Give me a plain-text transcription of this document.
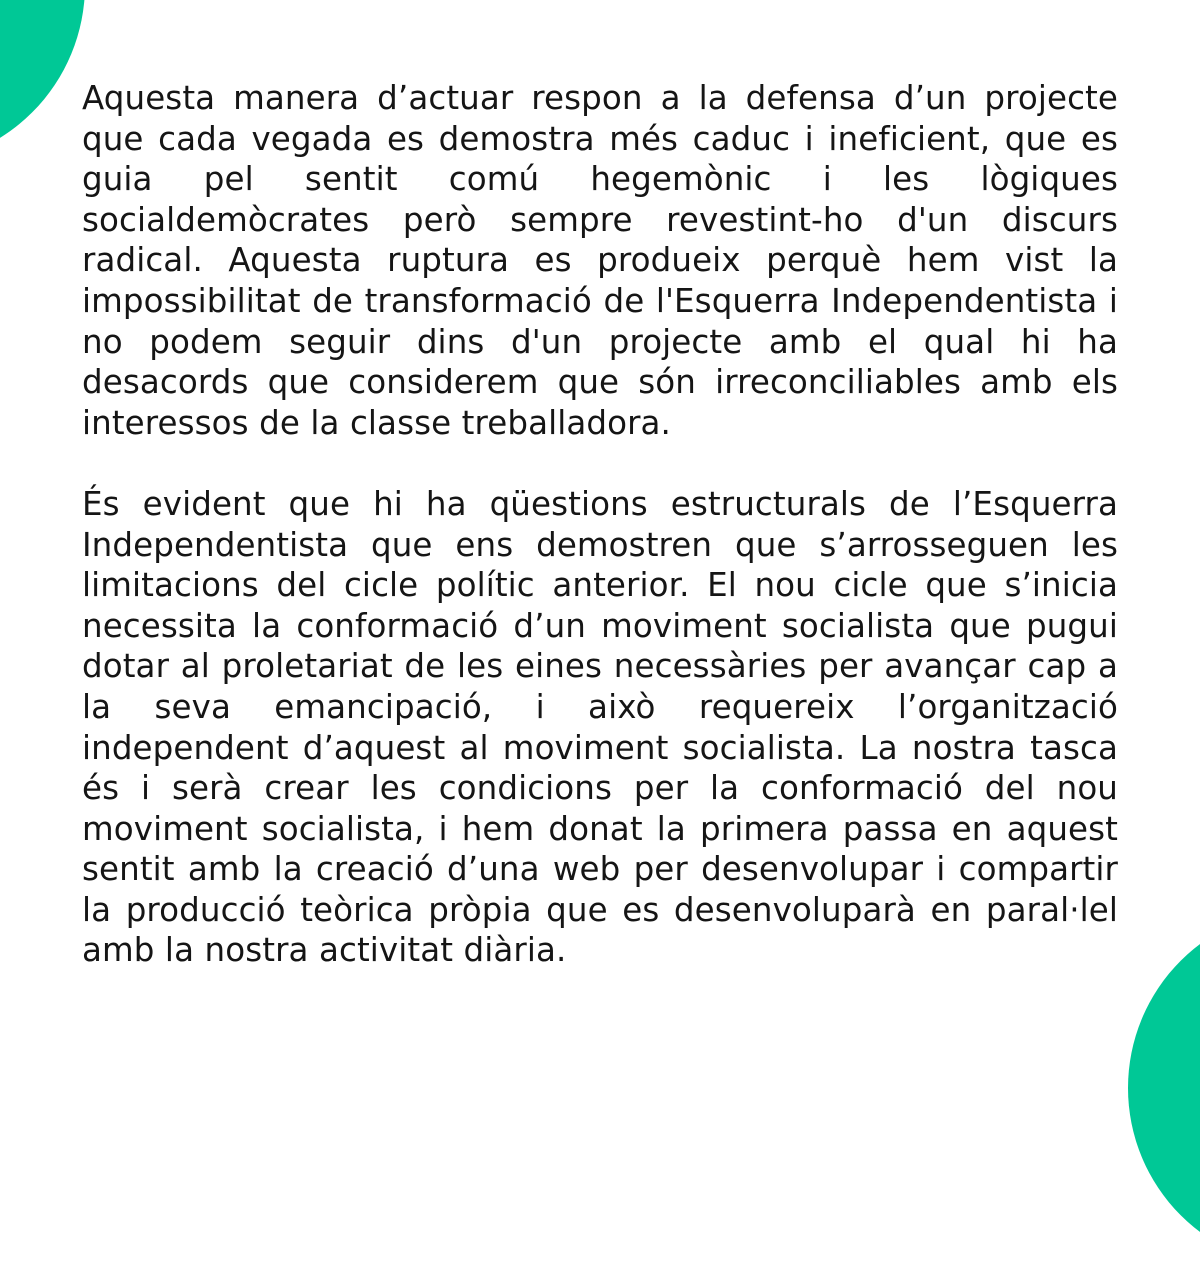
Aquesta manera d’actuar respon a la defensa d’un projecte que cada vegada es demostra més caduc i ineficient, que es guia pel sentit comú hegemònic i les lògiques socialdemòcrates però sempre revestint-ho d'un discurs radical. Aquesta ruptura es produeix perquè hem vist la impossibilitat de transformació de l'Esquerra Independentista i no podem seguir dins d'un projecte amb el qual hi ha desacords que considerem que són irreconciliables amb els interessos de la classe treballadora.

És evident que hi ha qüestions estructurals de l’Esquerra Independentista que ens demostren que s’arrosseguen les limitacions del cicle polític anterior. El nou cicle que s’inicia necessita la conformació d’un moviment socialista que pugui dotar al proletariat de les eines necessàries per avançar cap a la seva emancipació, i això requereix l’organització independent d’aquest al moviment socialista. La nostra tasca és i serà crear les condicions per la conformació del nou moviment socialista, i hem donat la primera passa en aquest sentit amb la creació d’una web per desenvolupar i compartir la producció teòrica pròpia que es desenvoluparà en paral·lel amb la nostra activitat diària.
